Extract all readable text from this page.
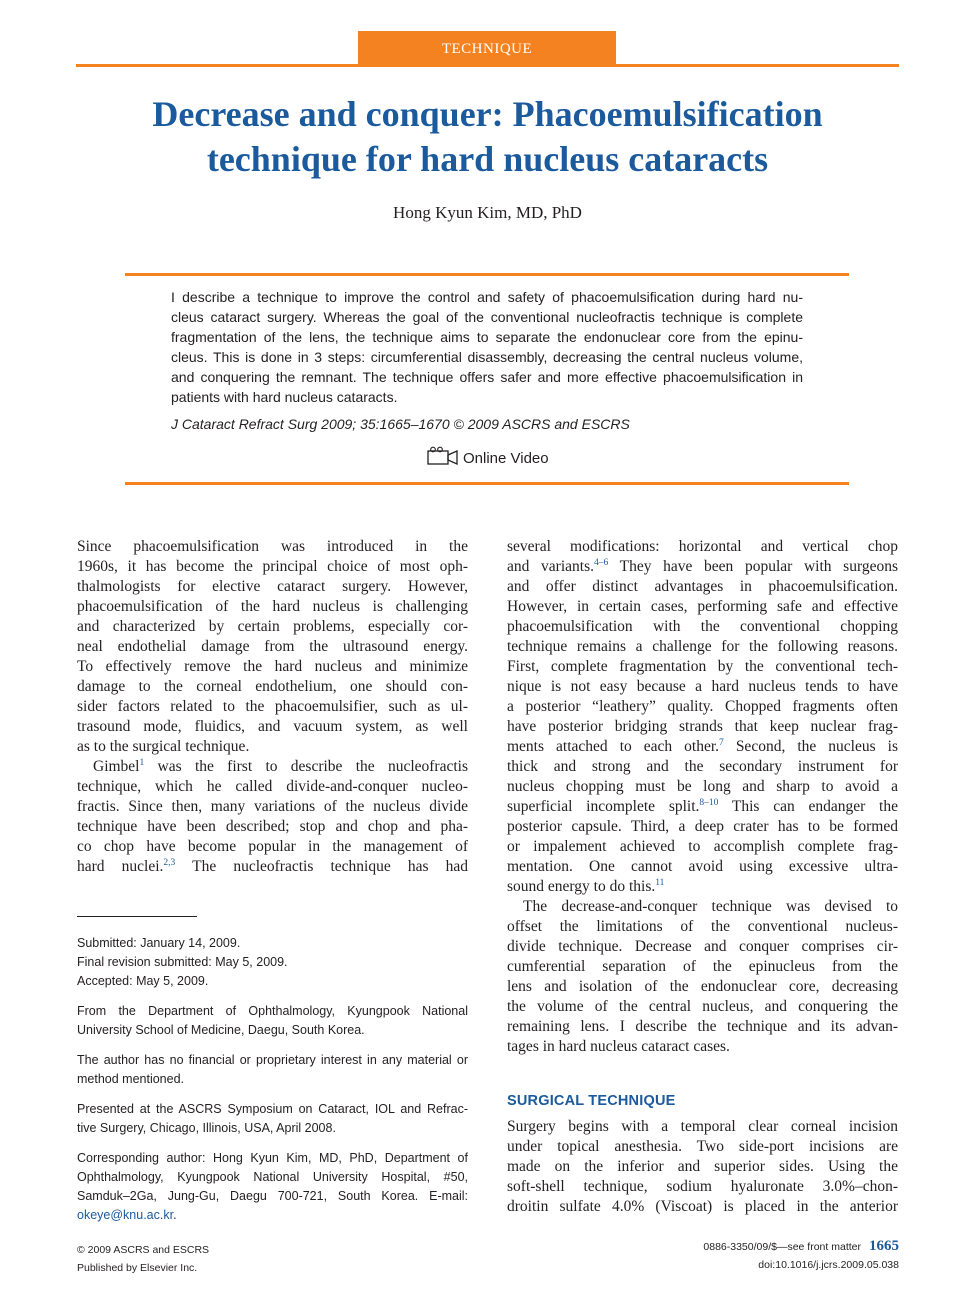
TECHNIQUE
Decrease and conquer: Phacoemulsification
technique for hard nucleus cataracts
Hong Kyun Kim, MD, PhD
I describe a technique to improve the control and safety of phacoemulsification during hard nu-
cleus cataract surgery. Whereas the goal of the conventional nucleofractis technique is complete
fragmentation of the lens, the technique aims to separate the endonuclear core from the epinu-
cleus. This is done in 3 steps: circumferential disassembly, decreasing the central nucleus volume,
and conquering the remnant. The technique offers safer and more effective phacoemulsification in
patients with hard nucleus cataracts.
J Cataract Refract Surg 2009; 35:1665–1670 © 2009 ASCRS and ESCRS
Online Video
Since phacoemulsification was introduced in the
1960s, it has become the principal choice of most oph-
thalmologists for elective cataract surgery. However,
phacoemulsification of the hard nucleus is challenging
and characterized by certain problems, especially cor-
neal endothelial damage from the ultrasound energy.
To effectively remove the hard nucleus and minimize
damage to the corneal endothelium, one should con-
sider factors related to the phacoemulsifier, such as ul-
trasound mode, fluidics, and vacuum system, as well
as to the surgical technique.
Gimbel$^1$ was the first to describe the nucleofractis
technique, which he called divide-and-conquer nucleo-
fractis. Since then, many variations of the nucleus divide
technique have been described; stop and chop and pha-
co chop have become popular in the management of
hard nuclei.$^{2,3}$ The nucleofractis technique has had
Submitted: January 14, 2009.
Final revision submitted: May 5, 2009.
Accepted: May 5, 2009.
From the Department of Ophthalmology, Kyungpook National
University School of Medicine, Daegu, South Korea.
The author has no financial or proprietary interest in any material or
method mentioned.
Presented at the ASCRS Symposium on Cataract, IOL and Refrac-
tive Surgery, Chicago, Illinois, USA, April 2008.
Corresponding author: Hong Kyun Kim, MD, PhD, Department of
Ophthalmology, Kyungpook National University Hospital, #50,
Samduk–2Ga, Jung-Gu, Daegu 700-721, South Korea. E-mail:
okeye@knu.ac.kr.
several modifications: horizontal and vertical chop
and variants.$^{4-6}$ They have been popular with surgeons
and offer distinct advantages in phacoemulsification.
However, in certain cases, performing safe and effective
phacoemulsification with the conventional chopping
technique remains a challenge for the following reasons.
First, complete fragmentation by the conventional tech-
nique is not easy because a hard nucleus tends to have
a posterior “leathery” quality. Chopped fragments often
have posterior bridging strands that keep nuclear frag-
ments attached to each other.$^7$ Second, the nucleus is
thick and strong and the secondary instrument for
nucleus chopping must be long and sharp to avoid a
superficial incomplete split.$^{8-10}$ This can endanger the
posterior capsule. Third, a deep crater has to be formed
or impalement achieved to accomplish complete frag-
mentation. One cannot avoid using excessive ultra-
sound energy to do this.$^{11}$
The decrease-and-conquer technique was devised to
offset the limitations of the conventional nucleus-
divide technique. Decrease and conquer comprises cir-
cumferential separation of the epinucleus from the
lens and isolation of the endonuclear core, decreasing
the volume of the central nucleus, and conquering the
remaining lens. I describe the technique and its advan-
tages in hard nucleus cataract cases.
SURGICAL TECHNIQUE
Surgery begins with a temporal clear corneal incision
under topical anesthesia. Two side-port incisions are
made on the inferior and superior sides. Using the
soft-shell technique, sodium hyaluronate 3.0%–chon-
droitin sulfate 4.0% (Viscoat) is placed in the anterior
© 2009 ASCRS and ESCRS
Published by Elsevier Inc.
0886-3350/09/$—see front matter 1665
doi:10.1016/j.jcrs.2009.05.038
